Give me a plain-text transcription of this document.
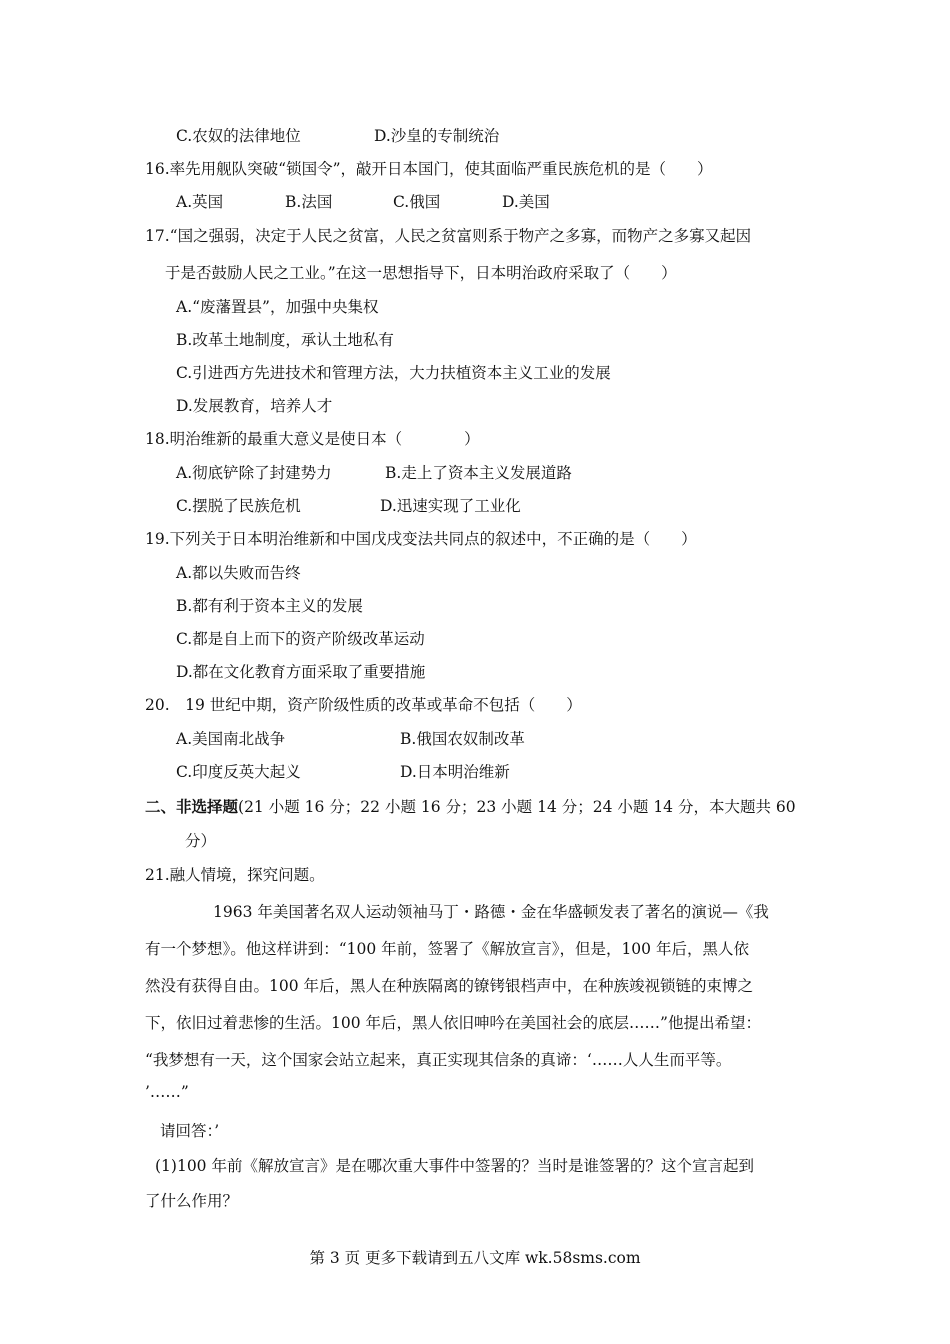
C.农奴的法律地位	D.沙皇的专制统治
16.率先用舰队突破“锁国令”，敲开日本国门，使其面临严重民族危机的是（　　）
A.英国	B.法国	C.俄国	D.美国
17.“国之强弱，决定于人民之贫富，人民之贫富则系于物产之多寡，而物产之多寡又起因
于是否鼓励人民之工业。”在这一思想指导下，日本明治政府采取了（　　）
A.“废藩置县”，加强中央集权
B.改革土地制度，承认土地私有
C.引进西方先进技术和管理方法，大力扶植资本主义工业的发展
D.发展教育，培养人才
18.明治维新的最重大意义是使日本（　　　　）
A.彻底铲除了封建势力	B.走上了资本主义发展道路
C.摆脱了民族危机	D.迅速实现了工业化
19.下列关于日本明治维新和中国戊戌变法共同点的叙述中，不正确的是（　　）
A.都以失败而告终
B.都有利于资本主义的发展
C.都是自上而下的资产阶级改革运动
D.都在文化教育方面采取了重要措施
20.　19 世纪中期，资产阶级性质的改革或革命不包括（　　）
A.美国南北战争	B.俄国农奴制改革
C.印度反英大起义	D.日本明治维新
二、非选择题(21 小题 16 分；22 小题 16 分；23 小题 14 分；24 小题 14 分，本大题共 60
分）
21.融人情境，探究问题。
1963 年美国著名双人运动领袖马丁・路德・金在华盛顿发表了著名的演说—《我
有一个梦想》。他这样讲到：“100 年前，签署了《解放宣言》，但是，100 年后，黑人依
然没有获得自由。100 年后，黑人在种族隔离的镣铐银档声中，在种族竣视锁链的束博之
下，依旧过着悲惨的生活。100 年后，黑人依旧呻吟在美国社会的底层……”他提出希望：
“我梦想有一天，这个国家会站立起来，真正实现其信条的真谛：‘……人人生而平等。
’……”
请回答：’
(1)100 年前《解放宣言》是在哪次重大事件中签署的？当时是谁签署的？这个宣言起到
了什么作用？
第 3 页 更多下载请到五八文库 wk.58sms.com
